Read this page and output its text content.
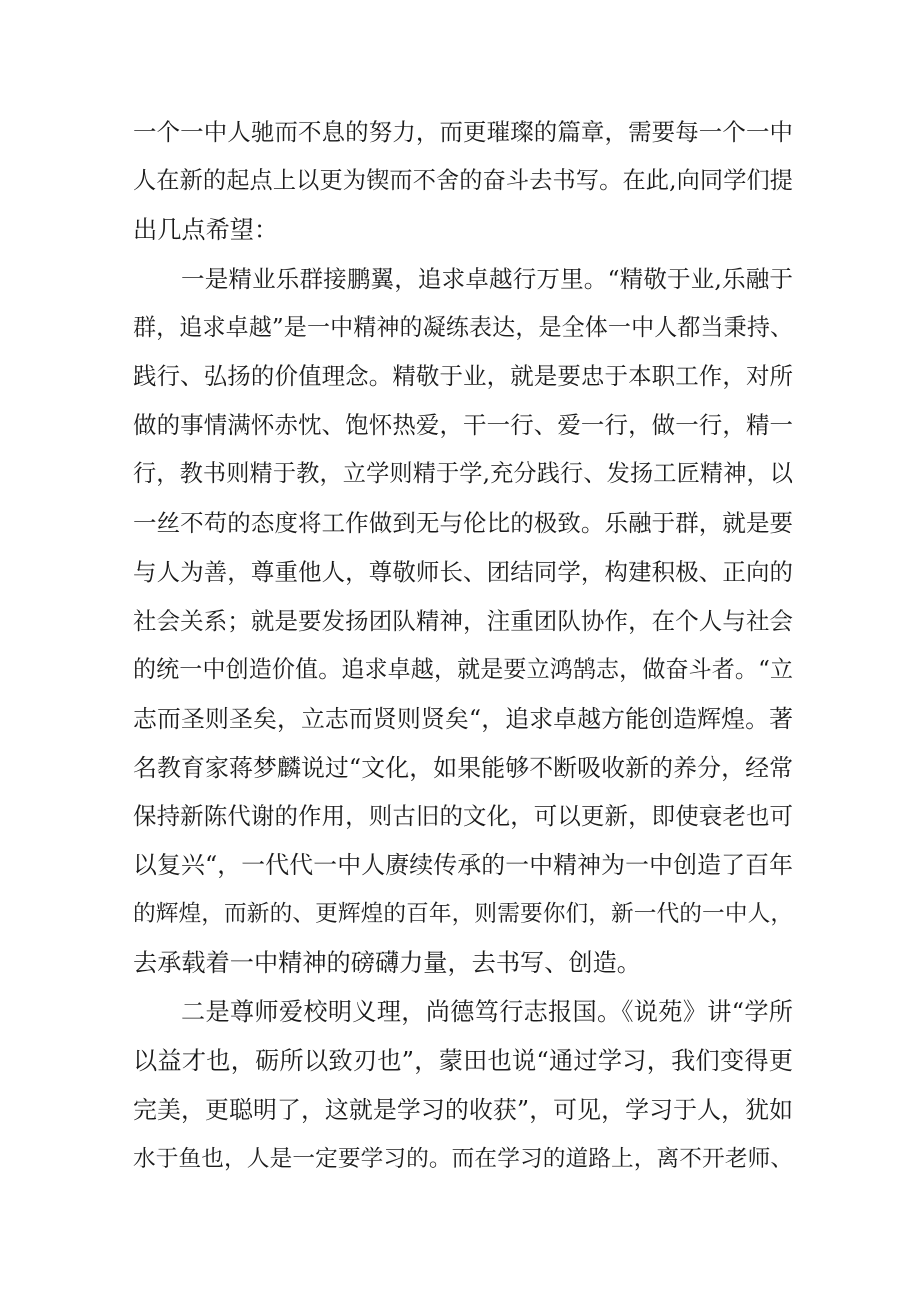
一个一中人驰而不息的努力，而更璀璨的篇章，需要每一个一中
人在新的起点上以更为锲而不舍的奋斗去书写。在此,向同学们提
出几点希望：
一是精业乐群接鹏翼，追求卓越行万里。“精敬于业,乐融于
群，追求卓越”是一中精神的凝练表达，是全体一中人都当秉持、
践行、弘扬的价值理念。精敬于业，就是要忠于本职工作，对所
做的事情满怀赤忱、饱怀热爱，干一行、爱一行，做一行，精一
行，教书则精于教，立学则精于学,充分践行、发扬工匠精神，以
一丝不苟的态度将工作做到无与伦比的极致。乐融于群，就是要
与人为善，尊重他人，尊敬师长、团结同学，构建积极、正向的
社会关系；就是要发扬团队精神，注重团队协作，在个人与社会
的统一中创造价值。追求卓越，就是要立鸿鹄志，做奋斗者。“立
志而圣则圣矣，立志而贤则贤矣“，追求卓越方能创造辉煌。著
名教育家蒋梦麟说过“文化，如果能够不断吸收新的养分，经常
保持新陈代谢的作用，则古旧的文化，可以更新，即使衰老也可
以复兴“，一代代一中人赓续传承的一中精神为一中创造了百年
的辉煌，而新的、更辉煌的百年，则需要你们，新一代的一中人，
去承载着一中精神的磅礴力量，去书写、创造。
二是尊师爱校明义理，尚德笃行志报国。《说苑》讲“学所
以益才也，砺所以致刃也”，蒙田也说“通过学习，我们变得更
完美，更聪明了，这就是学习的收获”，可见，学习于人，犹如
水于鱼也，人是一定要学习的。而在学习的道路上，离不开老师、
